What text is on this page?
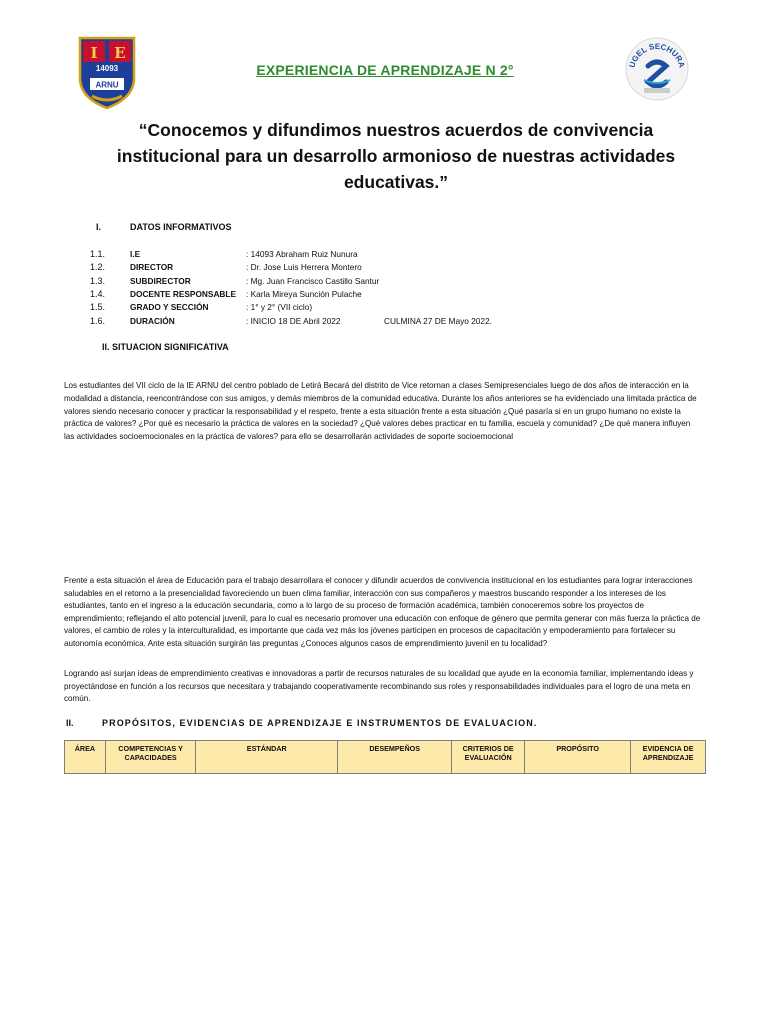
I E
14093
ARNU
UGEL SECHURA
EXPERIENCIA DE APRENDIZAJE N 2°
“Conocemos y difundimos nuestros acuerdos de convivencia institucional para un desarrollo armonioso de nuestras actividades educativas.”
I.	DATOS INFORMATIVOS
1.1.	I.E	: 14093 Abraham Ruiz Nunura
1.2.	DIRECTOR	: Dr. Jose Luis Herrera Montero
1.3.	SUBDIRECTOR	: Mg. Juan Francisco Castillo Santur
1.4.	DOCENTE RESPONSABLE : Karla Mireya Sunción Pulache
1.5.	GRADO Y SECCIÓN	: 1° y 2° (VII ciclo)
1.6.	DURACIÓN	: INICIO 18 DE Abril 2022	CULMINA 27 DE Mayo 2022.
II. SITUACION SIGNIFICATIVA
Los estudiantes del VII ciclo de la IE ARNU del centro poblado de Letirá Becará del distrito de Vice retornan a clases Semipresenciales luego de dos años de interacción en la modalidad a distancia, reencontrándose con sus amigos, y demás miembros de la comunidad educativa. Durante los años anteriores se ha evidenciado una limitada práctica de valores siendo necesario conocer y practicar la responsabilidad y el respeto, frente a esta situación frente a esta situación ¿Qué pasaría si en un grupo humano no existe la práctica de valores? ¿Por qué es necesario la práctica de valores en la sociedad? ¿Qué valores debes practicar en tu familia, escuela y comunidad? ¿De qué manera influyen las actividades socioemocionales en la práctica de valores? para ello se desarrollarán actividades de soporte socioemocional
Frente a esta situación el área de Educación para el trabajo desarrollara el conocer y difundir acuerdos de convivencia institucional en los estudiantes para lograr interacciones saludables en el retorno a la presencialidad favoreciendo un buen clima familiar, interacción con sus compañeros y maestros buscando responder a los intereses de los estudiantes, tanto en el ingreso a la educación secundaria, como a lo largo de su proceso de formación académica, también conoceremos sobre los proyectos de emprendimiento; reflejando el alto potencial juvenil, para lo cual es necesario promover una educación con enfoque de género que permita generar con más fuerza la práctica de valores, el cambio de roles y la interculturalidad, es importante que cada vez más los jóvenes participen en procesos de capacitación y empoderamiento para fortalecer su autonomía económica. Ante esta situación surgirán las preguntas ¿Conoces algunos casos de emprendimiento juvenil en tu localidad?
Logrando así surjan ideas de emprendimiento creativas e innovadoras a partir de recursos naturales de su localidad que ayude en la economía familiar, implementando ideas y proyectándose en función a los recursos que necesitara y trabajando cooperativamente recombinando sus roles y responsabilidades individuales para el logro de una meta en común.
II.	PROPÓSITOS, EVIDENCIAS DE APRENDIZAJE E INSTRUMENTOS DE EVALUACION.
ÁREA	COMPETENCIAS Y CAPACIDADES	ESTÁNDAR	DESEMPEÑOS	CRITERIOS DE EVALUACIÓN	PROPÓSITO	EVIDENCIA DE APRENDIZAJE
